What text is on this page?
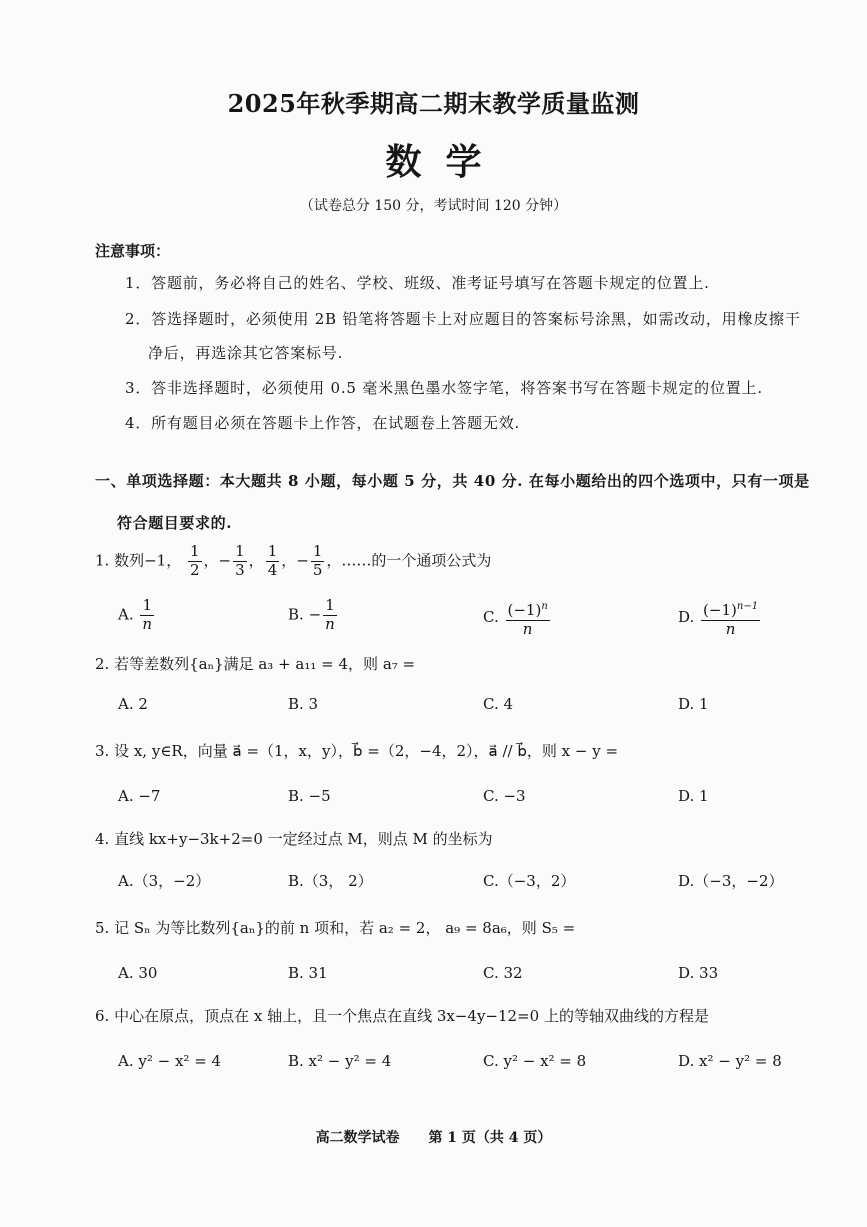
2025年秋季期高二期末教学质量监测
数学
（试卷总分 150 分，考试时间 120 分钟）
注意事项：
1．答题前，务必将自己的姓名、学校、班级、准考证号填写在答题卡规定的位置上.
2．答选择题时，必须使用 2B 铅笔将答题卡上对应题目的答案标号涂黑，如需改动，用橡皮擦干
净后，再选涂其它答案标号.
3．答非选择题时，必须使用 0.5 毫米黑色墨水签字笔，将答案书写在答题卡规定的位置上.
4．所有题目必须在答题卡上作答，在试题卷上答题无效.
一、单项选择题：本大题共 8 小题，每小题 5 分，共 40 分. 在每小题给出的四个选项中，只有一项是
符合题目要求的.
1. 数列−1， $\frac{1}{2}$ ，− $\frac{1}{3}$ ， $\frac{1}{4}$ ，− $\frac{1}{5}$ ，……的一个通项公式为
A. $\frac{1}{n}$	B. − $\frac{1}{n}$	C. $\frac{(-1)^n}{n}$	D. $\frac{(-1)^{n-1}}{n}$
2. 若等差数列{aₙ}满足 a₃ + a₁₁ = 4，则 a₇ =
A. 2	B. 3	C. 4	D. 1
3. 设 x, y∈R，向量 a⃗ =（1，x，y），b⃗ =（2，−4，2），a⃗ // b⃗，则 x − y =
A. −7	B. −5	C. −3	D. 1
4. 直线 kx+y−3k+2=0 一定经过点 M，则点 M 的坐标为
A.（3，−2）	B.（3， 2）	C.（−3，2）	D.（−3，−2）
5. 记 Sₙ 为等比数列{aₙ}的前 n 项和，若 a₂ = 2， a₉ = 8a₆，则 S₅ =
A. 30	B. 31	C. 32	D. 33
6. 中心在原点，顶点在 x 轴上，且一个焦点在直线 3x−4y−12=0 上的等轴双曲线的方程是
A. y² − x² = 4	B. x² − y² = 4	C. y² − x² = 8	D. x² − y² = 8
高二数学试卷 第 1 页（共 4 页）
